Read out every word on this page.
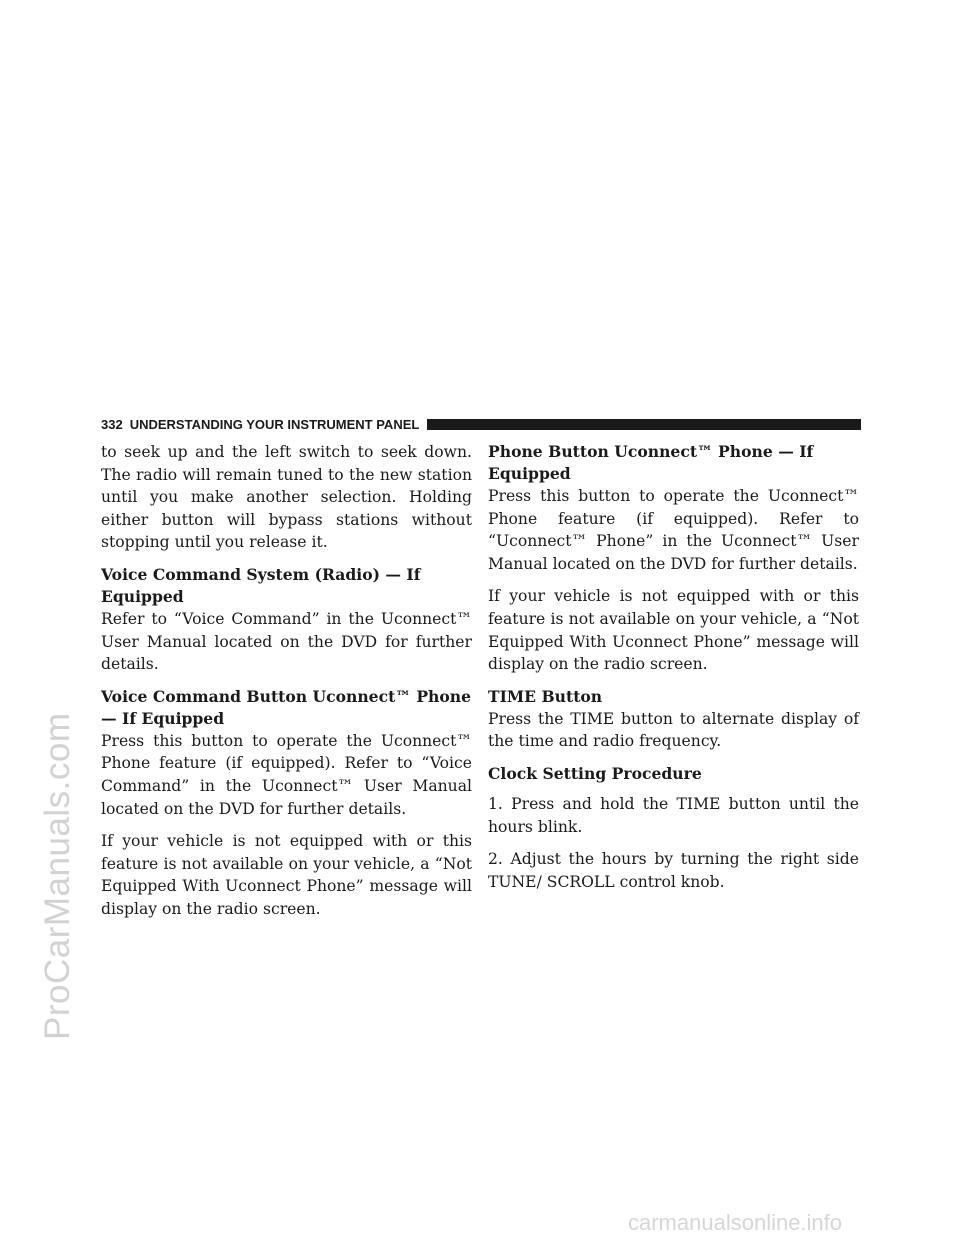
ProCarManuals.com
carmanualsonline.info
332 UNDERSTANDING YOUR INSTRUMENT PANEL

to seek up and the left switch to seek down. The radio will remain tuned to the new station until you make another selection. Holding either button will bypass stations without stopping until you release it.

Voice Command System (Radio) — If Equipped

Refer to “Voice Command” in the Uconnect™ User Manual located on the DVD for further details.

Voice Command Button Uconnect™ Phone — If Equipped

Press this button to operate the Uconnect™ Phone feature (if equipped). Refer to “Voice Command” in the Uconnect™ User Manual located on the DVD for further details.

If your vehicle is not equipped with or this feature is not available on your vehicle, a “Not Equipped With Uconnect Phone” message will display on the radio screen.

Phone Button Uconnect™ Phone — If Equipped

Press this button to operate the Uconnect™ Phone feature (if equipped). Refer to “Uconnect™ Phone” in the Uconnect™ User Manual located on the DVD for further details.

If your vehicle is not equipped with or this feature is not available on your vehicle, a “Not Equipped With Uconnect Phone” message will display on the radio screen.

TIME Button

Press the TIME button to alternate display of the time and radio frequency.

Clock Setting Procedure

1. Press and hold the TIME button until the hours blink.

2. Adjust the hours by turning the right side TUNE/ SCROLL control knob.
